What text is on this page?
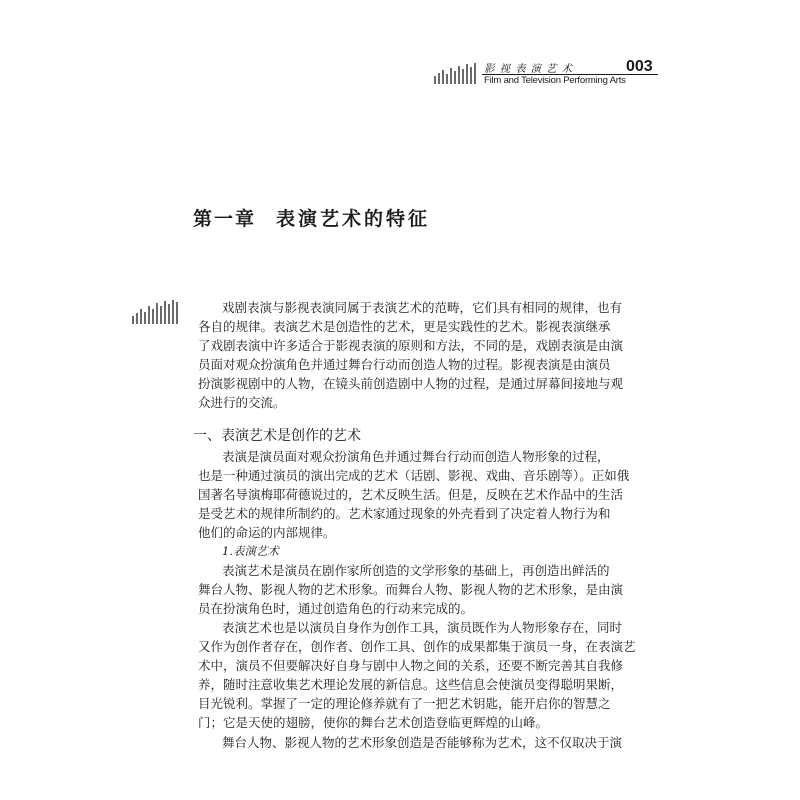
影视表演艺术
Film and Television Performing Arts
003
第一章 表演艺术的特征
戏剧表演与影视表演同属于表演艺术的范畴，它们具有相同的规律，也有
各自的规律。表演艺术是创造性的艺术，更是实践性的艺术。影视表演继承
了戏剧表演中许多适合于影视表演的原则和方法，不同的是，戏剧表演是由演
员面对观众扮演角色并通过舞台行动而创造人物的过程。影视表演是由演员
扮演影视剧中的人物，在镜头前创造剧中人物的过程，是通过屏幕间接地与观
众进行的交流。
一、表演艺术是创作的艺术
表演是演员面对观众扮演角色并通过舞台行动而创造人物形象的过程，
也是一种通过演员的演出完成的艺术（话剧、影视、戏曲、音乐剧等）。正如俄
国著名导演梅耶荷德说过的，艺术反映生活。但是，反映在艺术作品中的生活
是受艺术的规律所制约的。艺术家通过现象的外壳看到了决定着人物行为和
他们的命运的内部规律。
1.表演艺术
表演艺术是演员在剧作家所创造的文学形象的基础上，再创造出鲜活的
舞台人物、影视人物的艺术形象。而舞台人物、影视人物的艺术形象，是由演
员在扮演角色时，通过创造角色的行动来完成的。
表演艺术也是以演员自身作为创作工具，演员既作为人物形象存在，同时
又作为创作者存在，创作者、创作工具、创作的成果都集于演员一身，在表演艺
术中，演员不但要解决好自身与剧中人物之间的关系，还要不断完善其自我修
养，随时注意收集艺术理论发展的新信息。这些信息会使演员变得聪明果断，
目光锐利。掌握了一定的理论修养就有了一把艺术钥匙，能开启你的智慧之
门；它是天使的翅膀，使你的舞台艺术创造登临更辉煌的山峰。
舞台人物、影视人物的艺术形象创造是否能够称为艺术，这不仅取决于演
